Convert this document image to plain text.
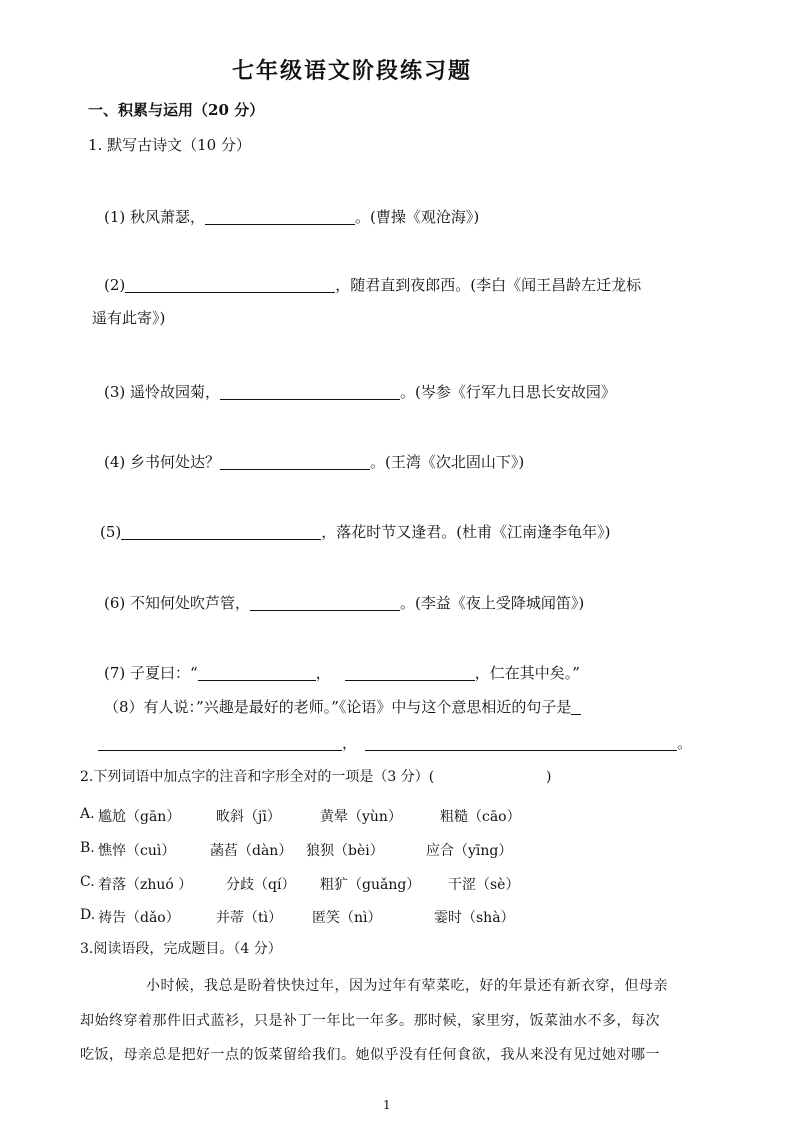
七年级语文阶段练习题
一、积累与运用（20 分）
1. 默写古诗文（10 分）
(1) 秋风萧瑟，	。(曹操《观沧海》)
(2)	，随君直到夜郎西。(李白《闻王昌龄左迁龙标
遥有此寄》)
(3) 遥怜故园菊，	。(岑参《行军九日思长安故园》
(4) 乡书何处达？	。(王湾《次北固山下》)
(5)	，落花时节又逢君。(杜甫《江南逢李龟年》)
(6) 不知何处吹芦管，	。(李益《夜上受降城闻笛》)
(7) 子夏曰：“	，	，仁在其中矣。”
（8）有人说：”兴趣是最好的老师。”《论语》中与这个意思相近的句子是
，	。
2.下列词语中加点字的注音和字形全对的一项是（3 分）(	)
A. 尴尬（gān）	畋斜（jī）	黄晕（yùn）	粗糙（cāo）
B. 憔悴（cuì） 菡萏（dàn） 狼狈（bèi）	应合（yīng）
C. 着落（zhuó ） 分歧（qí） 粗犷（guǎng） 干涩（sè）
D. 祷告（dǎo）	并蒂（tì） 匿笑（nì）	霎时（shà）
3.阅读语段，完成题目。（4 分）
小时候，我总是盼着快快过年，因为过年有荤菜吃，好的年景还有新衣穿，但母亲
却始终穿着那件旧式蓝衫，只是补丁一年比一年多。那时候，家里穷，饭菜油水不多，每次
吃饭，母亲总是把好一点的饭菜留给我们。她似乎没有任何食欲，我从来没有见过她对哪一
1
